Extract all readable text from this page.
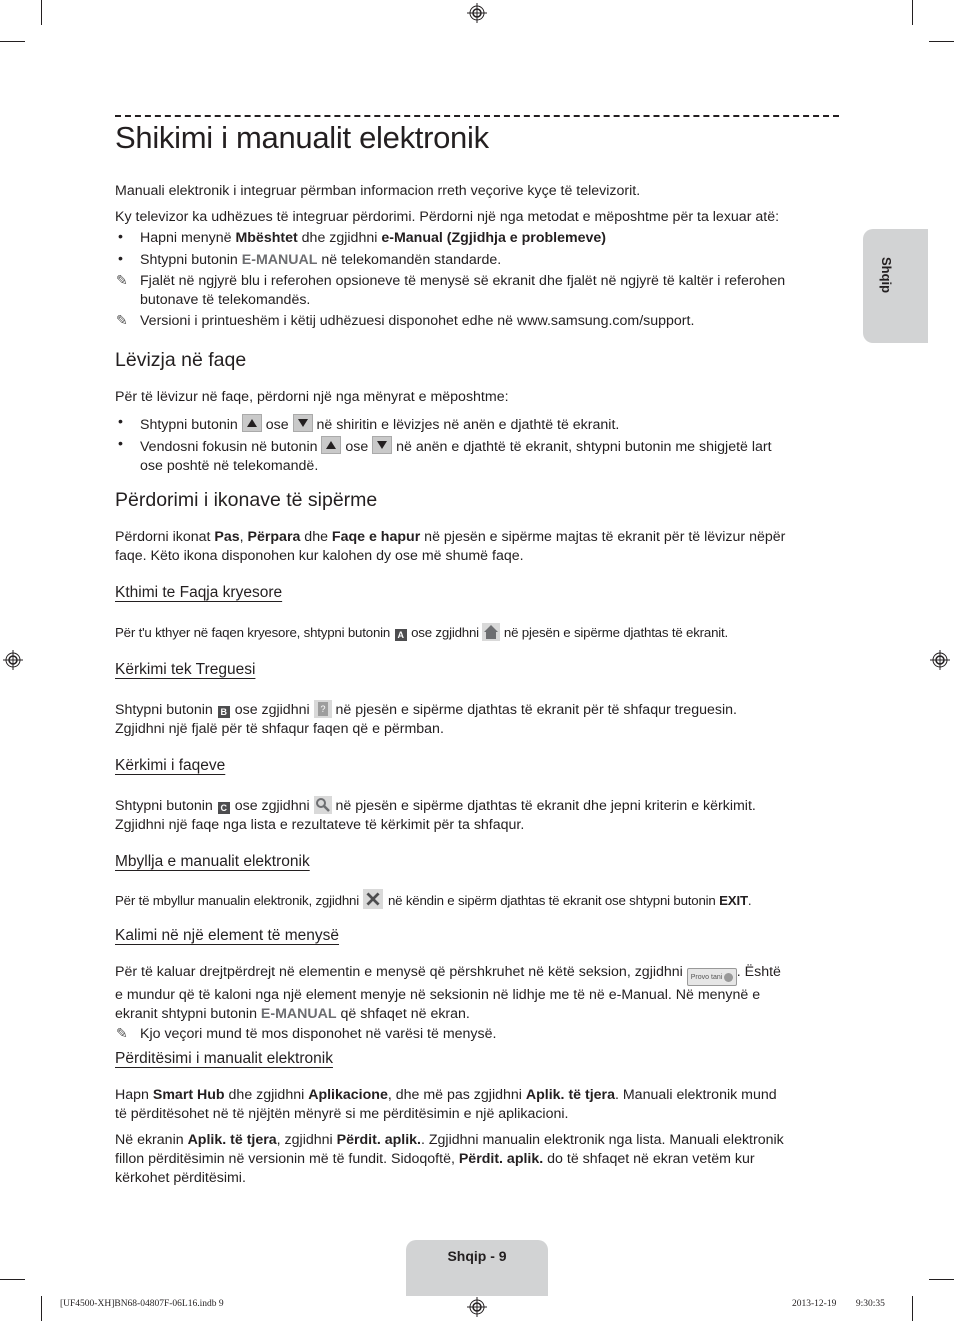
Shikimi i manualit elektronik
Shqip
Manuali elektronik i integruar përmban informacion rreth veçorive kyçe të televizorit.
Ky televizor ka udhëzues të integruar përdorimi. Përdorni një nga metodat e mëposhtme për ta lexuar atë:
• Hapni menynë Mbështet dhe zgjidhni e-Manual (Zgjidhja e problemeve)
• Shtypni butonin E-MANUAL në telekomandën standarde.
✎ Fjalët në ngjyrë blu i referohen opsioneve të menysë së ekranit dhe fjalët në ngjyrë të kaltër i referohen
butonave të telekomandës.
✎ Versioni i printueshëm i këtij udhëzuesi disponohet edhe në www.samsung.com/support.
Lëvizja në faqe
Për të lëvizur në faqe, përdorni një nga mënyrat e mëposhtme:
• Shtypni butonin
ose
në shiritin e lëvizjes në anën e djathtë të ekranit.
• Vendosni fokusin në butonin
ose
në anën e djathtë të ekranit, shtypni butonin me shigjetë lart
ose poshtë në telekomandë.
Përdorimi i ikonave të sipërme
Përdorni ikonat Pas, Përpara dhe Faqe e hapur në pjesën e sipërme majtas të ekranit për të lëvizur nëpër
faqe. Këto ikona disponohen kur kalohen dy ose më shumë faqe.
Kthimi te Faqja kryesore
Për t'u kthyer në faqen kryesore, shtypni butonin A ose zgjidhni  në pjesën e sipërme djathtas të ekranit.
Kërkimi tek Treguesi
Shtypni butonin B ose zgjidhni ? në pjesën e sipërme djathtas të ekranit për të shfaqur treguesin.
Zgjidhni një fjalë për të shfaqur faqen që e përmban.
Kërkimi i faqeve
Shtypni butonin C ose zgjidhni  në pjesën e sipërme djathtas të ekranit dhe jepni kriterin e kërkimit.
Zgjidhni një faqe nga lista e rezultateve të kërkimit për ta shfaqur.
Mbyllja e manualit elektronik
Për të mbyllur manualin elektronik, zgjidhni  në këndin e sipërm djathtas të ekranit ose shtypni butonin EXIT.
Kalimi në një element të menysë
Për të kaluar drejtpërdrejt në elementin e menysë që përshkruhet në këtë seksion, zgjidhni Provo tani . Është
e mundur që të kaloni nga një element menyje në seksionin në lidhje me të në e-Manual. Në menynë e
ekranit shtypni butonin E-MANUAL që shfaqet në ekran.
✎ Kjo veçori mund të mos disponohet në varësi të menysë.
Përditësimi i manualit elektronik
Hapn Smart Hub dhe zgjidhni Aplikacione, dhe më pas zgjidhni Aplik. të tjera. Manuali elektronik mund
të përditësohet në të njëjtën mënyrë si me përditësimin e një aplikacioni.
Në ekranin Aplik. të tjera, zgjidhni Përdit. aplik.. Zgjidhni manualin elektronik nga lista. Manuali elektronik
fillon përditësimin në versionin më të fundit. Sidoqoftë, Përdit. aplik. do të shfaqet në ekran vetëm kur
kërkohet përditësimi.
Shqip - 9
[UF4500-XH]BN68-04807F-06L16.indb 9	2013-12-19 ￿￿ 9:30:35
